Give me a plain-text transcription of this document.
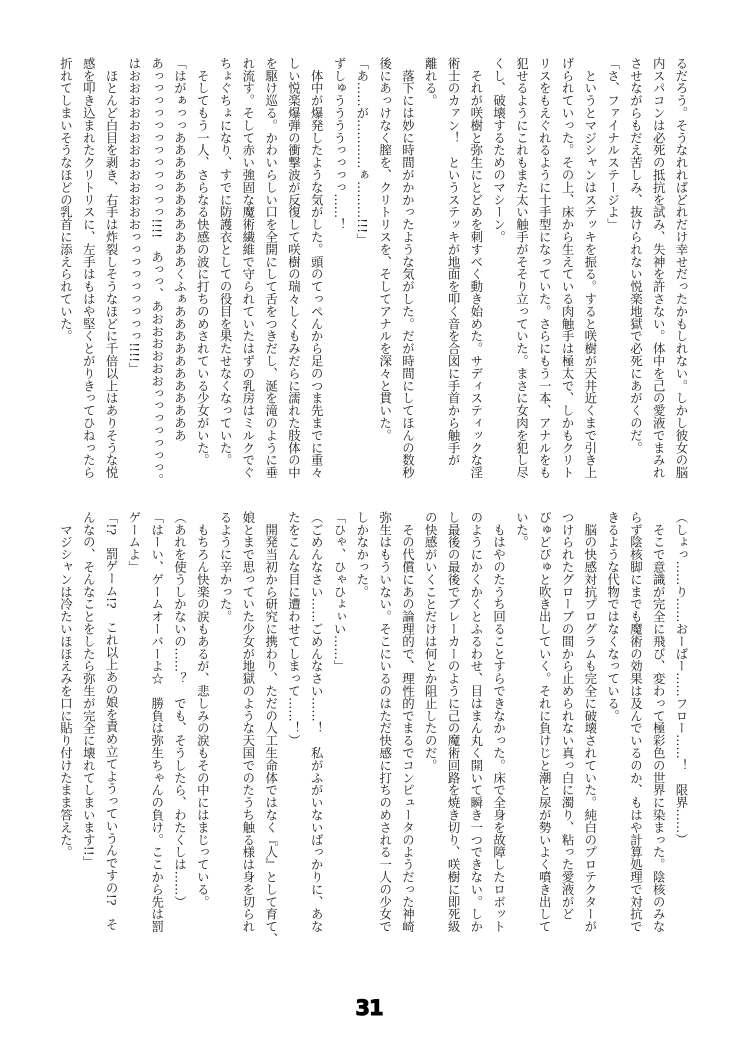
るだろう。そうなれればどれだけ幸せだったかもしれない。しかし彼女の脳
内スパコンは必死の抵抗を試み、失神を許さない。体中を己の愛液でまみれ
させながらもだえ苦しみ、抜けられない悦楽地獄で必死にあがくのだ。
「さ、ファイナルステージよ」
　というとマジシャンはステッキを振る。すると咲樹が天井近くまで引き上
げられていった。その上、床から生えている肉触手は極太で、しかもクリト
リスをもえぐれるように十手型になっていた。さらにもう一本、アナルをも
犯せるようにこれもまた太い触手がそそり立っていた。まさに女肉を犯し尽
くし、破壊するためのマシーン。
　それが咲樹と弥生にとどめを刺すべく動き始めた。サディスティックな淫
術士のカァン！　というステッキが地面を叩く音を合図に手首から触手が
離れる。
　落下には妙に時間がかかったような気がした。だが時間にしてほんの数秒
後にあっけなく膣を、クリトリスを、そしてアナルを深々と貫いた。
「あ……が…………ぁ………!!!」
ずしゅううううっっっっ……！
　体中が爆発したような気がした。頭のてっぺんから足のつま先までに重々
しい悦楽爆弾の衝撃波が反復して咲樹の瑞々しくもみだらに濡れた肢体の中
を駆け巡る。かわいらしい口を全開にして舌をつきだし、涎を滝のように垂
れ流す。そして赤い強固な魔術繊維で守られていたはずの乳房はミルクでぐ
ちょぐちょになり、すでに防護衣としての役目を果たせなくなっていた。
　そしてもう一人、さらなる快感の波に打ちのめされている少女がいた。
「はがぁっっあああああああああああくふぁあああああああああああ
あっっっっっっっっっっっっ!!!!　あっっ、あおおおおおおっっっっっっっ。
はおおおおおおおおおおおおおっっっっっっっっっ!!!!」
　ほとんど白目を剥き、右手は炸裂しそうなほどに千倍以上はありそうな悦
感を叩き込まれたクリトリスに、左手はもはや堅くとがりきってひねったら
折れてしまいそうなほどの乳首に添えられていた。
（しょっ……り……おーばー……フロー……！　限界……）
　そこで意識が完全に飛び、変わって極彩色の世界に染まった。陰核のみな
らず陰核脚にまでも魔術の効果は及んでいるのか、もはや計算処理で対抗で
きるような代物ではなくなっている。
　脳の快感対抗プログラムも完全に破壊されていた。純白のプロテクターが
つけられたグローブの間から止められない真っ白に濁り、粘った愛液がど
ぴゅどぴゅと吹き出していく。それに負けじと潮と尿が勢いよく噴き出して
いた。
　もはやのたうち回ることすらできなかった。床で全身を故障したロボット
のようにかくかくとふるわせ、目はまん丸く開いて瞬き一つできない。しか
し最後の最後でブレーカーのように己の魔術回路を焼き切り、咲樹に即死級
の快感がいくことだけは何とか阻止したのだ。
　その代償にあの論理的で、理性的でまるでコンピュータのようだった神崎
弥生はもういない。そこにいるのはただ快感に打ちのめされる一人の少女で
しかなかった。
「ひゃ、ひゃひょぃい……」
（ごめんなさい……ごめんなさい……！　私がふがいないばっかりに、あな
たをこんな目に遭わせてしまって……！）
　開発当初から研究に携わり、ただの人工生命体ではなく『人』として育て、
娘とまで思っていた少女が地獄のような天国でのたうち触る様は身を切られ
るように辛かった。
　もちろん快楽の涙もあるが、悲しみの涙もその中にはまじっている。
（あれを使うしかないの……？　でも、そうしたら、わたくしは……）
「はーい、ゲームオーバーよ☆　勝負は弥生ちゃんの負け。ここから先は罰
ゲームよ」
「!?　罰ゲーム!?　これ以上あの娘を責め立てようっていうんですの!?　そ
んなの、そんなことをしたら弥生が完全に壊れてしまいます!!」
　マジシャンは冷たいほほえみを口に貼り付けたまま答えた。
31
